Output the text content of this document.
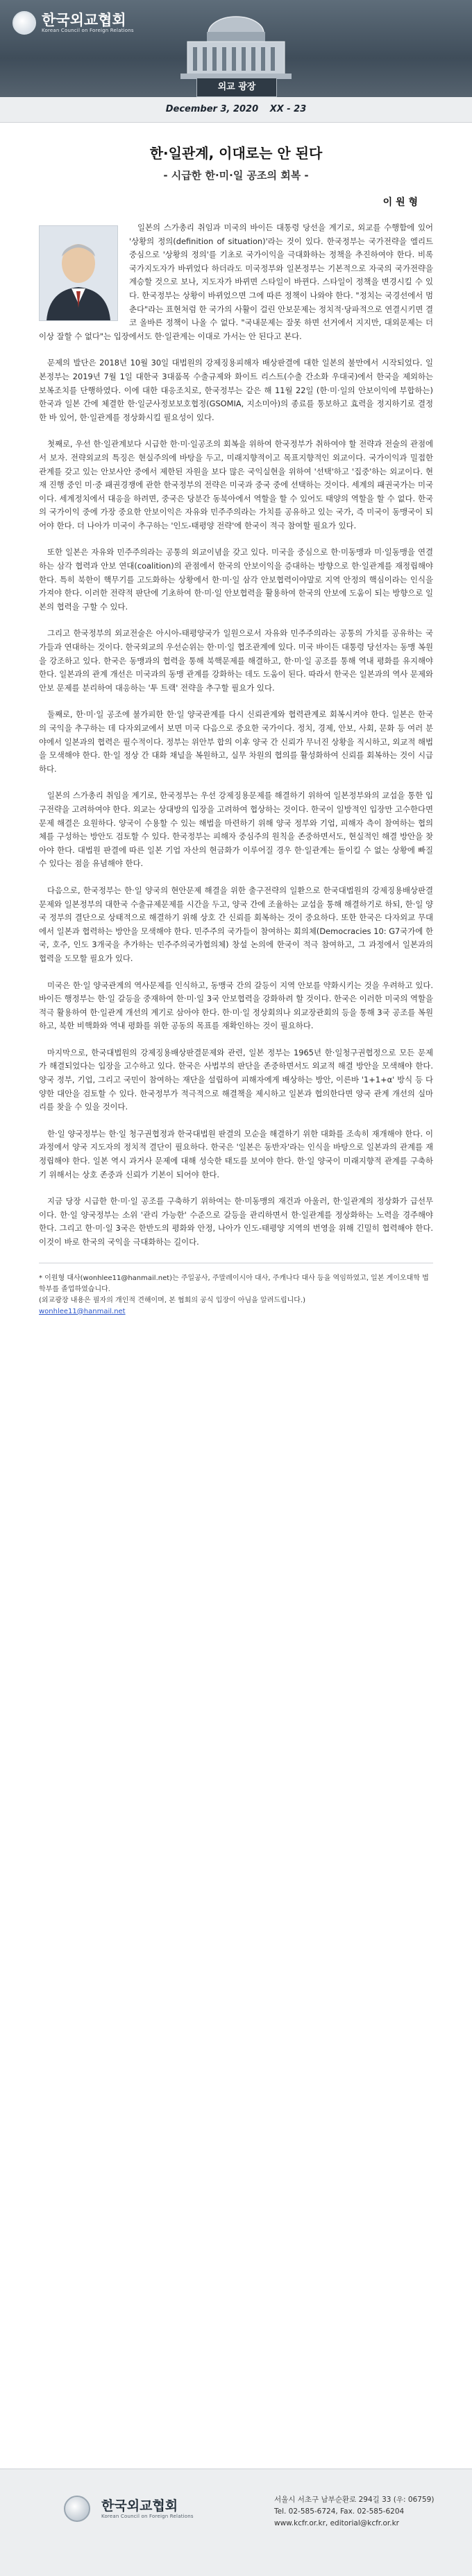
한국외교협회
Korean Council on Foreign Relations
외교 광장
December 3, 2020 XX - 23
한·일관계, 이대로는 안 된다
- 시급한 한·미·일 공조의 회복 -
이 원 형

일본의 스가총리 취임과 미국의 바이든 대통령 당선을 계기로, 외교를 수행함에 있어 '상황의 정의(definition of situation)'라는 것이 있다. 한국정부는 국가전략을 엘리트 중심으로 '상황의 정의'를 기초로 국가이익을 극대화하는 정책을 추진하여야 한다. 비록 국가지도자가 바뀌었다 하더라도 미국정부와 일본정부는 기본적으로 자국의 국가전략을 계승할 것으로 보나, 지도자가 바뀌면 스타일이 바뀐다. 스타일이 정책을 변경시킬 수 있다. 한국정부는 상황이 바뀌었으면 그에 따른 정책이 나와야 한다. "정치는 국경선에서 멈춘다"라는 표현처럼 한 국가의 사활이 걸린 안보문제는 정치적·당파적으로 연결시키면 결코 올바른 정책이 나올 수 없다. "국내문제는 잘못 하면 선거에서 지지만, 대외문제는 더 이상 잘할 수 없다"는 입장에서도 한·일관계는 이대로 가서는 안 된다고 본다.

문제의 발단은 2018년 10월 30일 대법원의 강제징용피해자 배상판결에 대한 일본의 불만에서 시작되었다. 일본정부는 2019년 7월 1일 대한국 3대품목 수출규제와 화이트 리스트(수출 간소화 우대국)에서 한국을 제외하는 보복조치를 단행하였다. 이에 대한 대응조치로, 한국정부는 같은 해 11월 22일 (한·미·일의 안보이익에 부합하는) 한국과 일본 간에 체결한 한·일군사정보보호협정(GSOMIA, 지소미아)의 종료를 통보하고 효력을 정지하기로 결정한 바 있어, 한·일관계를 정상화시킬 필요성이 있다.

첫째로, 우선 한·일관계보다 시급한 한·미·일공조의 회복을 위하여 한국정부가 취하여야 할 전략과 전술의 관점에서 보자. 전략외교의 특징은 현실주의에 바탕을 두고, 미래지향적이고 목표지향적인 외교이다. 국가이익과 밀접한 관계를 갖고 있는 안보사안 중에서 제한된 자원을 보다 많은 국익실현을 위하여 '선택'하고 '집중'하는 외교이다. 현재 진행 중인 미·중 패권경쟁에 관한 한국정부의 전략은 미국과 중국 중에 선택하는 것이다. 세계의 패권국가는 미국이다. 세계정치에서 대응을 하려면, 중국은 당분간 동북아에서 역할을 할 수 있어도 태양의 역할을 할 수 없다. 한국의 국가이익 중에 가장 중요한 안보이익은 자유와 민주주의라는 가치를 공유하고 있는 국가, 즉 미국이 동맹국이 되어야 한다. 더 나아가 미국이 추구하는 '인도-태평양 전략'에 한국이 적극 참여할 필요가 있다.

또한 일본은 자유와 민주주의라는 공통의 외교이념을 갖고 있다. 미국을 중심으로 한·미동맹과 미·일동맹을 연결하는 삼각 협력과 안보 연대(coalition)의 관점에서 한국의 안보이익을 증대하는 방향으로 한·일관계를 재정립해야 한다. 특히 북한이 핵무기를 고도화하는 상황에서 한·미·일 삼각 안보협력이야말로 지역 안정의 핵심이라는 인식을 가져야 한다. 이러한 전략적 판단에 기초하여 한·미·일 안보협력을 활용하여 한국의 안보에 도움이 되는 방향으로 일본의 협력을 구할 수 있다.

그리고 한국정부의 외교전술은 아시아-태평양국가 일원으로서 자유와 민주주의라는 공통의 가치를 공유하는 국가들과 연대하는 것이다. 한국외교의 우선순위는 한·미·일 협조관계에 있다. 미국 바이든 대통령 당선자는 동맹 복원을 강조하고 있다. 한국은 동맹과의 협력을 통해 북핵문제를 해결하고, 한·미·일 공조를 통해 역내 평화를 유지해야 한다. 일본과의 관계 개선은 미국과의 동맹 관계를 강화하는 데도 도움이 된다. 따라서 한국은 일본과의 역사 문제와 안보 문제를 분리하여 대응하는 '투 트랙' 전략을 추구할 필요가 있다.

둘째로, 한·미·일 공조에 불가피한 한·일 양국관계를 다시 신뢰관계와 협력관계로 회복시켜야 한다. 일본은 한국의 국익을 추구하는 데 다자외교에서 보면 미국 다음으로 중요한 국가이다. 정치, 경제, 안보, 사회, 문화 등 여러 분야에서 일본과의 협력은 필수적이다. 정부는 위안부 합의 이후 양국 간 신뢰가 무너진 상황을 직시하고, 외교적 해법을 모색해야 한다. 한·일 정상 간 대화 채널을 복원하고, 실무 차원의 협의를 활성화하여 신뢰를 회복하는 것이 시급하다.

일본의 스가총리 취임을 계기로, 한국정부는 우선 강제징용문제를 해결하기 위하여 일본정부와의 교섭을 통한 입구전략을 고려하여야 한다. 외교는 상대방의 입장을 고려하여 협상하는 것이다. 한국이 일방적인 입장만 고수한다면 문제 해결은 요원하다. 양국이 수용할 수 있는 해법을 마련하기 위해 양국 정부와 기업, 피해자 측이 참여하는 협의체를 구성하는 방안도 검토할 수 있다. 한국정부는 피해자 중심주의 원칙을 존중하면서도, 현실적인 해결 방안을 찾아야 한다. 대법원 판결에 따른 일본 기업 자산의 현금화가 이루어질 경우 한·일관계는 돌이킬 수 없는 상황에 빠질 수 있다는 점을 유념해야 한다.

다음으로, 한국정부는 한·일 양국의 현안문제 해결을 위한 출구전략의 일환으로 한국대법원의 강제징용배상판결문제와 일본정부의 대한국 수출규제문제를 시간을 두고, 양국 간에 조율하는 교섭을 통해 해결하기로 하되, 한·일 양국 정부의 결단으로 상태적으로 해결하기 위해 상호 간 신뢰를 회복하는 것이 중요하다. 또한 한국은 다자외교 무대에서 일본과 협력하는 방안을 모색해야 한다. 민주주의 국가들이 참여하는 회의체(Democracies 10: G7국가에 한국, 호주, 인도 3개국을 추가하는 민주주의국가협의체) 창설 논의에 한국이 적극 참여하고, 그 과정에서 일본과의 협력을 도모할 필요가 있다.

미국은 한·일 양국관계의 역사문제를 인식하고, 동맹국 간의 갈등이 지역 안보를 약화시키는 것을 우려하고 있다. 바이든 행정부는 한·일 갈등을 중재하여 한·미·일 3국 안보협력을 강화하려 할 것이다. 한국은 이러한 미국의 역할을 적극 활용하여 한·일관계 개선의 계기로 삼아야 한다. 한·미·일 정상회의나 외교장관회의 등을 통해 3국 공조를 복원하고, 북한 비핵화와 역내 평화를 위한 공동의 목표를 재확인하는 것이 필요하다.

마지막으로, 한국대법원의 강제징용배상판결문제와 관련, 일본 정부는 1965년 한·일청구권협정으로 모든 문제가 해결되었다는 입장을 고수하고 있다. 한국은 사법부의 판단을 존중하면서도 외교적 해결 방안을 모색해야 한다. 양국 정부, 기업, 그리고 국민이 참여하는 재단을 설립하여 피해자에게 배상하는 방안, 이른바 '1+1+α' 방식 등 다양한 대안을 검토할 수 있다. 한국정부가 적극적으로 해결책을 제시하고 일본과 협의한다면 양국 관계 개선의 실마리를 찾을 수 있을 것이다.

한·일 양국정부는 한·일 청구권협정과 한국대법원 판결의 모순을 해결하기 위한 대화를 조속히 재개해야 한다. 이 과정에서 양국 지도자의 정치적 결단이 필요하다. 한국은 '일본은 동반자'라는 인식을 바탕으로 일본과의 관계를 재정립해야 한다. 일본 역시 과거사 문제에 대해 성숙한 태도를 보여야 한다. 한·일 양국이 미래지향적 관계를 구축하기 위해서는 상호 존중과 신뢰가 기본이 되어야 한다.

지금 당장 시급한 한·미·일 공조를 구축하기 위하여는 한·미동맹의 재건과 아울러, 한·일관계의 정상화가 급선무이다. 한·일 양국정부는 소위 '관리 가능한' 수준으로 갈등을 관리하면서 한·일관계를 정상화하는 노력을 경주해야 한다. 그리고 한·미·일 3국은 한반도의 평화와 안정, 나아가 인도-태평양 지역의 번영을 위해 긴밀히 협력해야 한다. 이것이 바로 한국의 국익을 극대화하는 길이다.

* 이원형 대사(wonhlee11@hanmail.net)는 주일공사, 주말레이시아 대사, 주캐나다 대사 등을 역임하였고, 일본 게이오대학 법학부를 졸업하였습니다.
(외교광장 내용은 필자의 개인적 견해이며, 본 협회의 공식 입장이 아님을 알려드립니다.)
wonhlee11@hanmail.net
한국외교협회
Korean Council on Foreign Relations
서울시 서초구 남부순환로 294길 33 (우: 06759)
Tel. 02-585-6724, Fax. 02-585-6204
www.kcfr.or.kr, editorial@kcfr.or.kr
